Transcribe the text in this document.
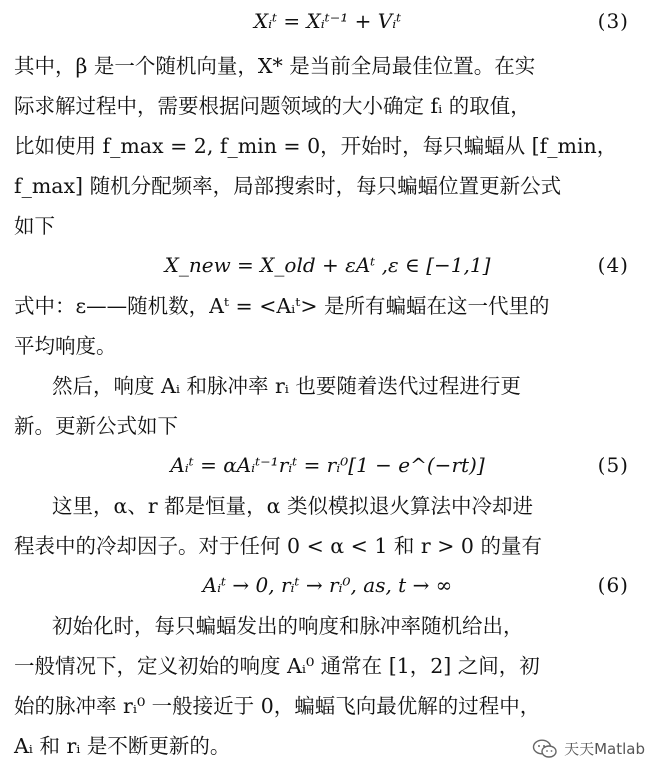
Xᵢᵗ = Xᵢᵗ⁻¹ + Vᵢᵗ	(3)
其中，β 是一个随机向量，X* 是当前全局最佳位置。在实
际求解过程中，需要根据问题领域的大小确定 fᵢ 的取值，
比如使用 f_max = 2, f_min = 0，开始时，每只蝙蝠从 [f_min，
f_max] 随机分配频率，局部搜索时，每只蝙蝠位置更新公式
如下
X_new = X_old + εAᵗ ,ε ∈ [−1,1]	(4)
式中：ε——随机数，Aᵗ = <Aᵢᵗ> 是所有蝙蝠在这一代里的
平均响度。
然后，响度 Aᵢ 和脉冲率 rᵢ 也要随着迭代过程进行更
新。更新公式如下
Aᵢᵗ = αAᵢᵗ⁻¹rᵢᵗ = rᵢ⁰[1 − e^(−rt)]	(5)
这里，α、r 都是恒量，α 类似模拟退火算法中冷却进
程表中的冷却因子。对于任何 0 < α < 1 和 r > 0 的量有
Aᵢᵗ → 0, rᵢᵗ → rᵢ⁰, as, t → ∞	(6)
初始化时，每只蝙蝠发出的响度和脉冲率随机给出，
一般情况下，定义初始的响度 Aᵢ⁰ 通常在 [1，2] 之间，初
始的脉冲率 rᵢ⁰ 一般接近于 0，蝙蝠飞向最优解的过程中，
Aᵢ 和 rᵢ 是不断更新的。	天天Matlab
